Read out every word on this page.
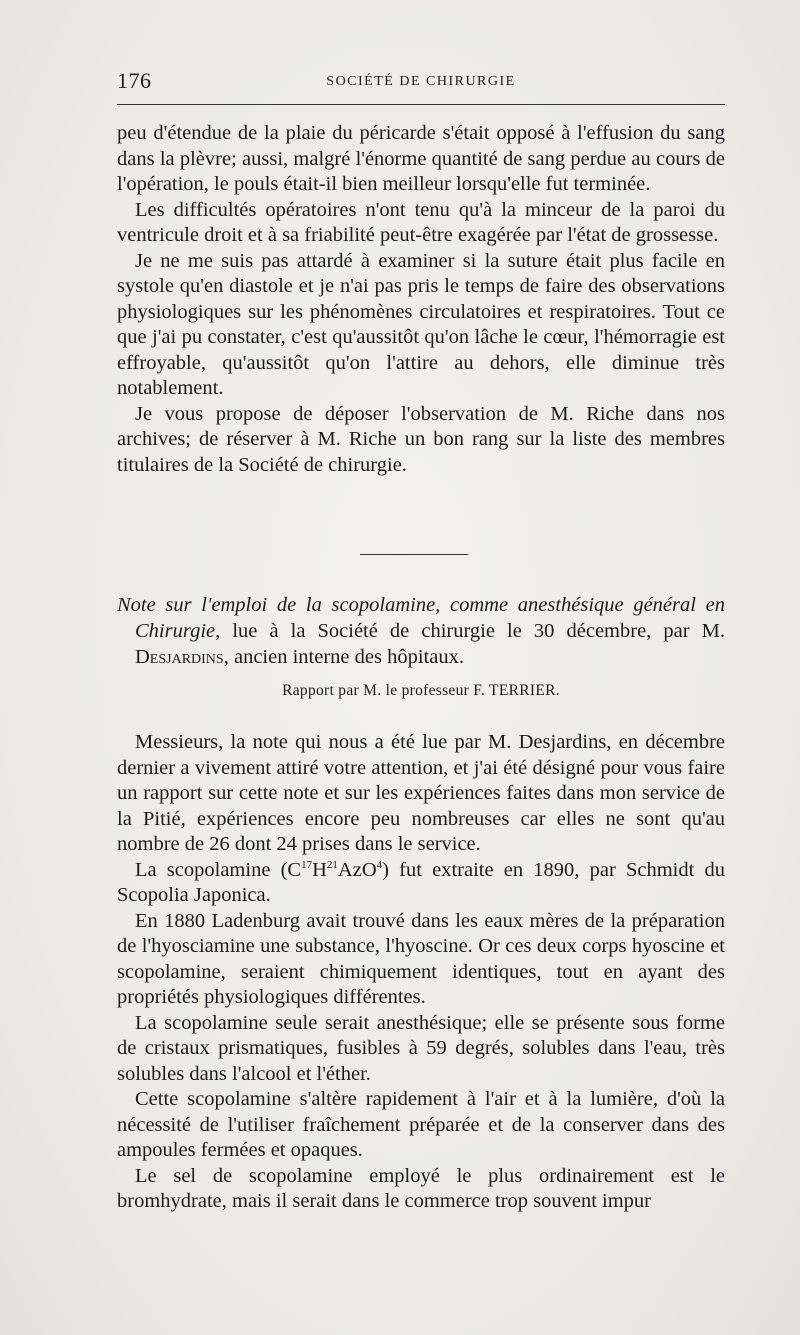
176	SOCIÉTÉ DE CHIRURGIE

peu d'étendue de la plaie du péricarde s'était opposé à l'effusion du sang dans la plèvre; aussi, malgré l'énorme quantité de sang perdue au cours de l'opération, le pouls était-il bien meilleur lorsqu'elle fut terminée.

Les difficultés opératoires n'ont tenu qu'à la minceur de la paroi du ventricule droit et à sa friabilité peut-être exagérée par l'état de grossesse.

Je ne me suis pas attardé à examiner si la suture était plus facile en systole qu'en diastole et je n'ai pas pris le temps de faire des observations physiologiques sur les phénomènes circulatoires et respiratoires. Tout ce que j'ai pu constater, c'est qu'aussitôt qu'on lâche le cœur, l'hémorragie est effroyable, qu'aussitôt qu'on l'attire au dehors, elle diminue très notablement.

Je vous propose de déposer l'observation de M. Riche dans nos archives; de réserver à M. Riche un bon rang sur la liste des membres titulaires de la Société de chirurgie.

Note sur l'emploi de la scopolamine, comme anesthésique général en Chirurgie, lue à la Société de chirurgie le 30 décembre, par M. Desjardins, ancien interne des hôpitaux.

Rapport par M. le professeur F. TERRIER.

Messieurs, la note qui nous a été lue par M. Desjardins, en décembre dernier a vivement attiré votre attention, et j'ai été désigné pour vous faire un rapport sur cette note et sur les expériences faites dans mon service de la Pitié, expériences encore peu nombreuses car elles ne sont qu'au nombre de 26 dont 24 prises dans le service.

La scopolamine $(C^{17}H^{21}AzO^4)$ fut extraite en 1890, par Schmidt du Scopolia Japonica.

En 1880 Ladenburg avait trouvé dans les eaux mères de la préparation de l'hyosciamine une substance, l'hyoscine. Or ces deux corps hyoscine et scopolamine, seraient chimiquement identiques, tout en ayant des propriétés physiologiques différentes.

La scopolamine seule serait anesthésique; elle se présente sous forme de cristaux prismatiques, fusibles à 59 degrés, solubles dans l'eau, très solubles dans l'alcool et l'éther.

Cette scopolamine s'altère rapidement à l'air et à la lumière, d'où la nécessité de l'utiliser fraîchement préparée et de la conserver dans des ampoules fermées et opaques.

Le sel de scopolamine employé le plus ordinairement est le bromhydrate, mais il serait dans le commerce trop souvent impur
